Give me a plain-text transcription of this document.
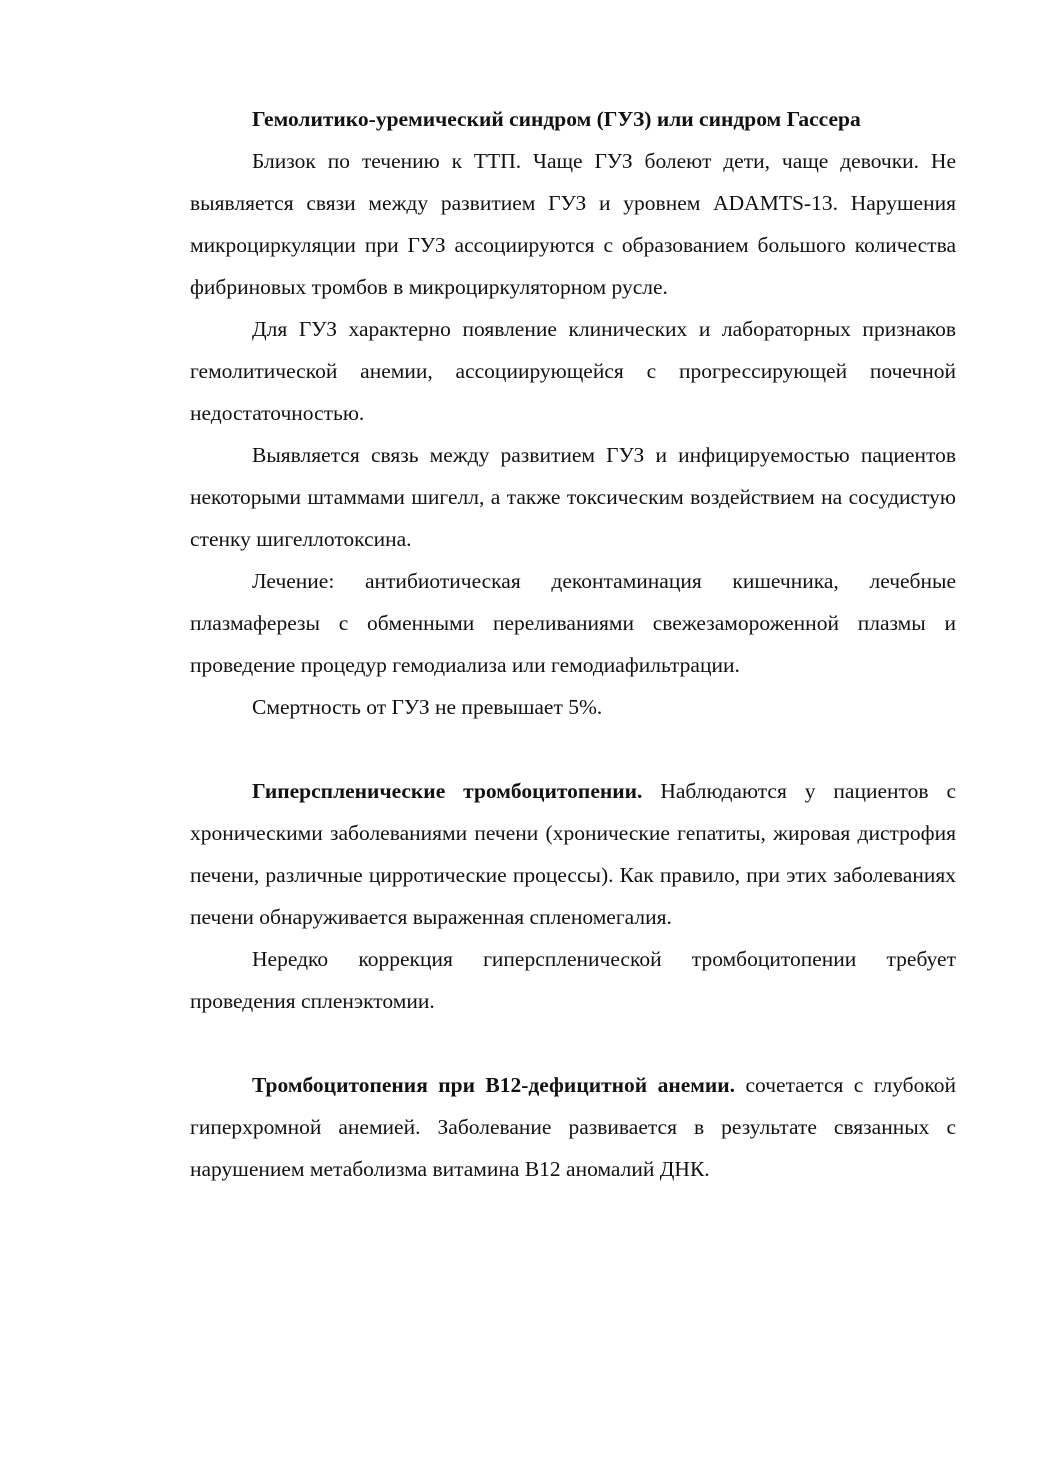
Гемолитико-уремический синдром (ГУЗ) или синдром Гассера

Близок по течению к ТТП. Чаще ГУЗ болеют дети, чаще девочки. Не выявляется связи между развитием ГУЗ и уровнем ADAMTS-13. Нарушения микроциркуляции при ГУЗ ассоциируются с образованием большого количества фибриновых тромбов в микроциркуляторном русле.

Для ГУЗ характерно появление клинических и лабораторных признаков гемолитической анемии, ассоциирующейся с прогрессирующей почечной недостаточностью.

Выявляется связь между развитием ГУЗ и инфицируемостью пациентов некоторыми штаммами шигелл, а также токсическим воздействием на сосудистую стенку шигеллотоксина.

Лечение: антибиотическая деконтаминация кишечника, лечебные плазмаферезы с обменными переливаниями свежезамороженной плазмы и проведение процедур гемодиализа или гемодиафильтрации.

Смертность от ГУЗ не превышает 5%.

Гиперспленические тромбоцитопении. Наблюдаются у пациентов с хроническими заболеваниями печени (хронические гепатиты, жировая дистрофия печени, различные цирротические процессы). Как правило, при этих заболеваниях печени обнаруживается выраженная спленомегалия.

Нередко коррекция гиперспленической тромбоцитопении требует проведения спленэктомии.

Тромбоцитопения при В12-дефицитной анемии. сочетается с глубокой гиперхромной анемией. Заболевание развивается в результате связанных с нарушением метаболизма витамина В12 аномалий ДНК.
